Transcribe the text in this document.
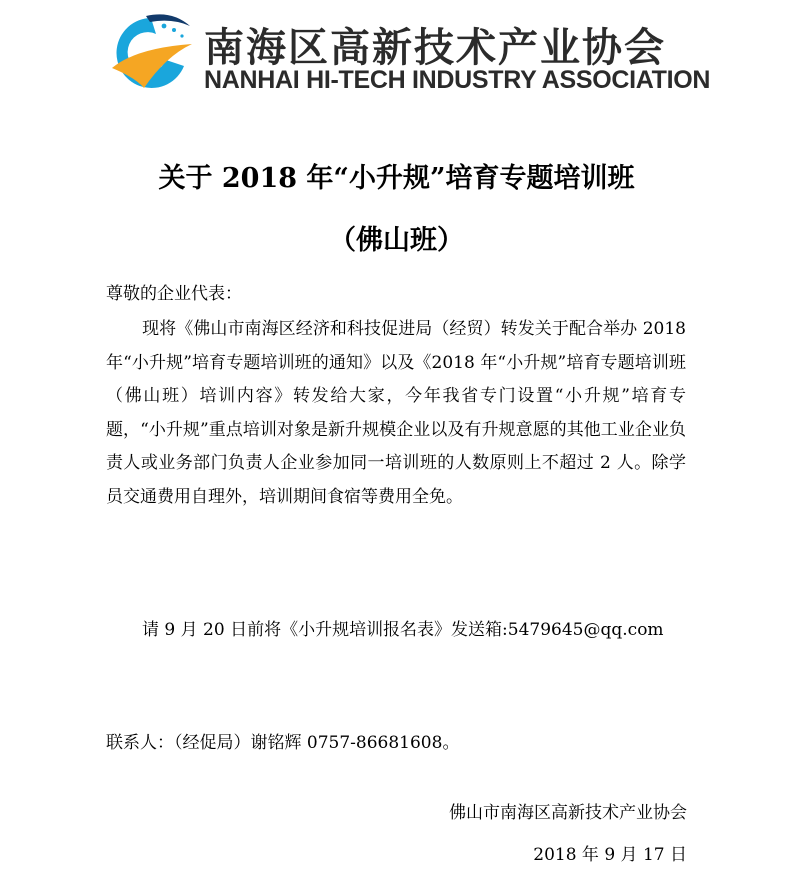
南海区高新技术产业协会
NANHAI HI-TECH INDUSTRY ASSOCIATION
关于 2018 年“小升规”培育专题培训班
（佛山班）
尊敬的企业代表：
现将《佛山市南海区经济和科技促进局（经贸）转发关于配合举办 2018 年“小升规”培育专题培训班的通知》以及《2018 年“小升规”培育专题培训班（佛山班）培训内容》转发给大家，今年我省专门设置“小升规”培育专题，“小升规”重点培训对象是新升规模企业以及有升规意愿的其他工业企业负责人或业务部门负责人企业参加同一培训班的人数原则上不超过 2 人。除学员交通费用自理外，培训期间食宿等费用全免。
请 9 月 20 日前将《小升规培训报名表》发送箱:5479645@qq.com
联系人：（经促局）谢铭辉 0757-86681608。
佛山市南海区高新技术产业协会
2018 年 9 月 17 日
